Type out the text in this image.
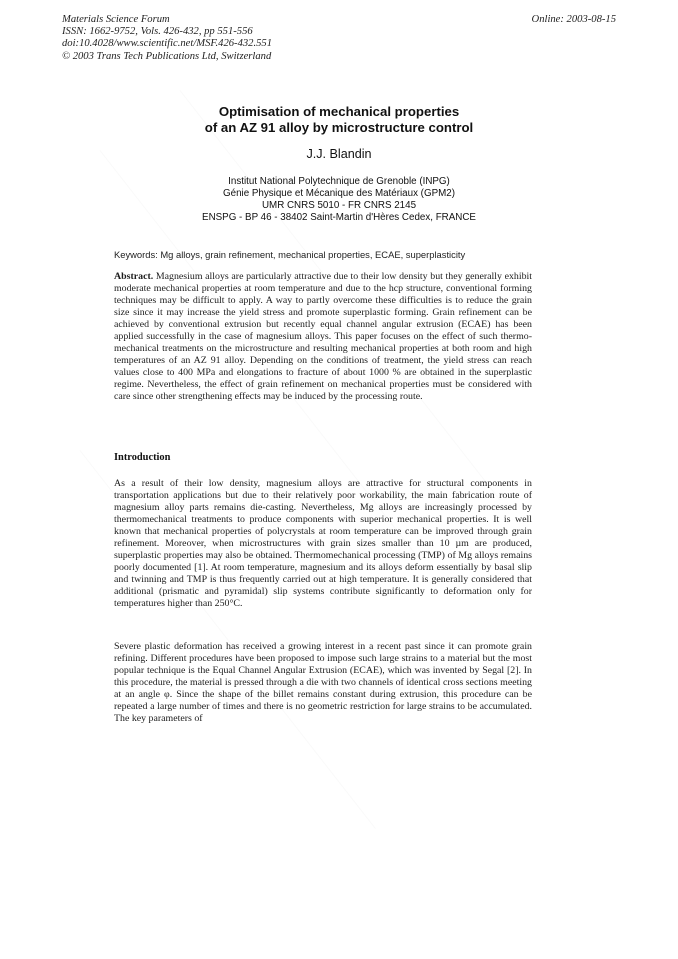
Materials Science Forum
ISSN: 1662-9752, Vols. 426-432, pp 551-556
doi:10.4028/www.scientific.net/MSF.426-432.551
© 2003 Trans Tech Publications Ltd, Switzerland
Online: 2003-08-15
Optimisation of mechanical properties
of an AZ 91 alloy by microstructure control
J.J. Blandin
Institut National Polytechnique de Grenoble (INPG)
Génie Physique et Mécanique des Matériaux (GPM2)
UMR CNRS 5010 - FR CNRS 2145
ENSPG - BP 46 - 38402 Saint-Martin d'Hères Cedex, FRANCE
Keywords: Mg alloys, grain refinement, mechanical properties, ECAE, superplasticity
Abstract. Magnesium alloys are particularly attractive due to their low density but they generally exhibit moderate mechanical properties at room temperature and due to the hcp structure, conventional forming techniques may be difficult to apply. A way to partly overcome these difficulties is to reduce the grain size since it may increase the yield stress and promote superplastic forming. Grain refinement can be achieved by conventional extrusion but recently equal channel angular extrusion (ECAE) has been applied successfully in the case of magnesium alloys. This paper focuses on the effect of such thermo-mechanical treatments on the microstructure and resulting mechanical properties at both room and high temperatures of an AZ 91 alloy. Depending on the conditions of treatment, the yield stress can reach values close to 400 MPa and elongations to fracture of about 1000 % are obtained in the superplastic regime. Nevertheless, the effect of grain refinement on mechanical properties must be considered with care since other strengthening effects may be induced by the processing route.
Introduction
As a result of their low density, magnesium alloys are attractive for structural components in transportation applications but due to their relatively poor workability, the main fabrication route of magnesium alloy parts remains die-casting. Nevertheless, Mg alloys are increasingly processed by thermomechanical treatments to produce components with superior mechanical properties. It is well known that mechanical properties of polycrystals at room temperature can be improved through grain refinement. Moreover, when microstructures with grain sizes smaller than 10 µm are produced, superplastic properties may also be obtained. Thermomechanical processing (TMP) of Mg alloys remains poorly documented [1]. At room temperature, magnesium and its alloys deform essentially by basal slip and twinning and TMP is thus frequently carried out at high temperature. It is generally considered that additional (prismatic and pyramidal) slip systems contribute significantly to deformation only for temperatures higher than 250°C.
Severe plastic deformation has received a growing interest in a recent past since it can promote grain refining. Different procedures have been proposed to impose such large strains to a material but the most popular technique is the Equal Channel Angular Extrusion (ECAE), which was invented by Segal [2]. In this procedure, the material is pressed through a die with two channels of identical cross sections meeting at an angle φ. Since the shape of the billet remains constant during extrusion, this procedure can be repeated a large number of times and there is no geometric restriction for large strains to be accumulated. The key parameters of
